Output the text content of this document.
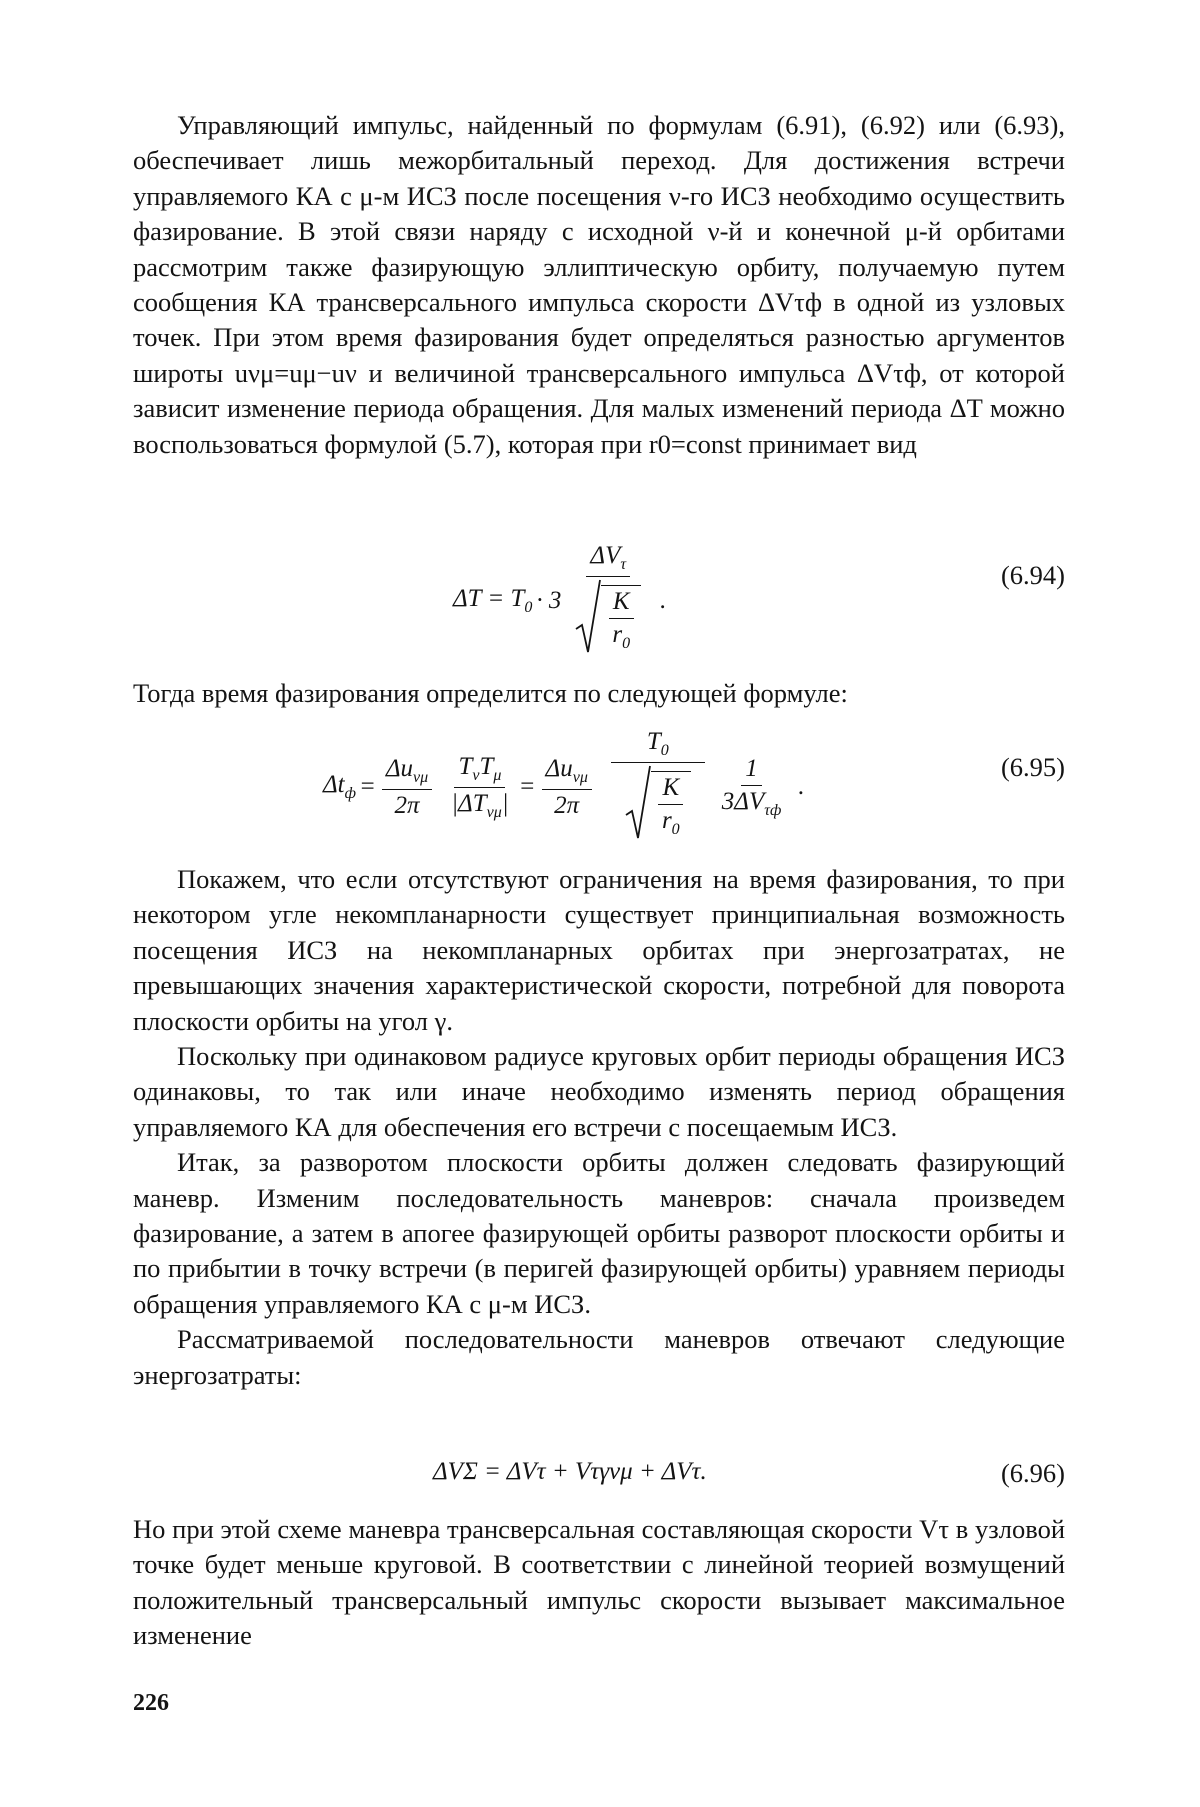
Управляющий импульс, найденный по формулам (6.91), (6.92) или (6.93), обеспечивает лишь межорбитальный переход. Для достижения встречи управляемого КА с μ-м ИСЗ после посещения ν-го ИСЗ необходимо осуществить фазирование. В этой связи наряду с исходной ν-й и конечной μ-й орбитами рассмотрим также фазирующую эллиптическую орбиту, получаемую путем сообщения КА трансверсального импульса скорости ΔVτф в одной из узловых точек. При этом время фазирования будет определяться разностью аргументов широты uνμ=uμ−uν и величиной трансверсального импульса ΔVτф, от которой зависит изменение периода обращения. Для малых изменений периода ΔT можно воспользоваться формулой (5.7), которая при r0=const принимает вид

$\Delta T = T_0 \cdot 3 \frac{\Delta V_\tau}{\frac{K}{r_0}}$ .
(6.94)

Тогда время фазирования определится по следующей формуле:

$\Delta t_ф = \frac{\Delta u_{\nu\mu}}{2\pi} \frac{T_\nu T_\mu}{|\Delta T_{\nu\mu}|} = \frac{\Delta u_{\nu\mu}}{2\pi} \frac{T_0}{\frac{K}{r_0}} \frac{1}{3\Delta V_{\tau ф}}$ .
(6.95)

Покажем, что если отсутствуют ограничения на время фазирования, то при некотором угле некомпланарности существует принципиальная возможность посещения ИСЗ на некомпланарных орбитах при энергозатратах, не превышающих значения характеристической скорости, потребной для поворота плоскости орбиты на угол γ.

Поскольку при одинаковом радиусе круговых орбит периоды обращения ИСЗ одинаковы, то так или иначе необходимо изменять период обращения управляемого КА для обеспечения его встречи с посещаемым ИСЗ.

Итак, за разворотом плоскости орбиты должен следовать фазирующий маневр. Изменим последовательность маневров: сначала произведем фазирование, а затем в апогее фазирующей орбиты разворот плоскости орбиты и по прибытии в точку встречи (в перигей фазирующей орбиты) уравняем периоды обращения управляемого КА с μ-м ИСЗ.

Рассматриваемой последовательности маневров отвечают следующие энергозатраты:

ΔVΣ = ΔVτ + Vτγνμ + ΔVτ.	(6.96)

Но при этой схеме маневра трансверсальная составляющая скорости Vτ в узловой точке будет меньше круговой. В соответствии с линейной теорией возмущений положительный трансверсальный импульс скорости вызывает максимальное изменение

226
